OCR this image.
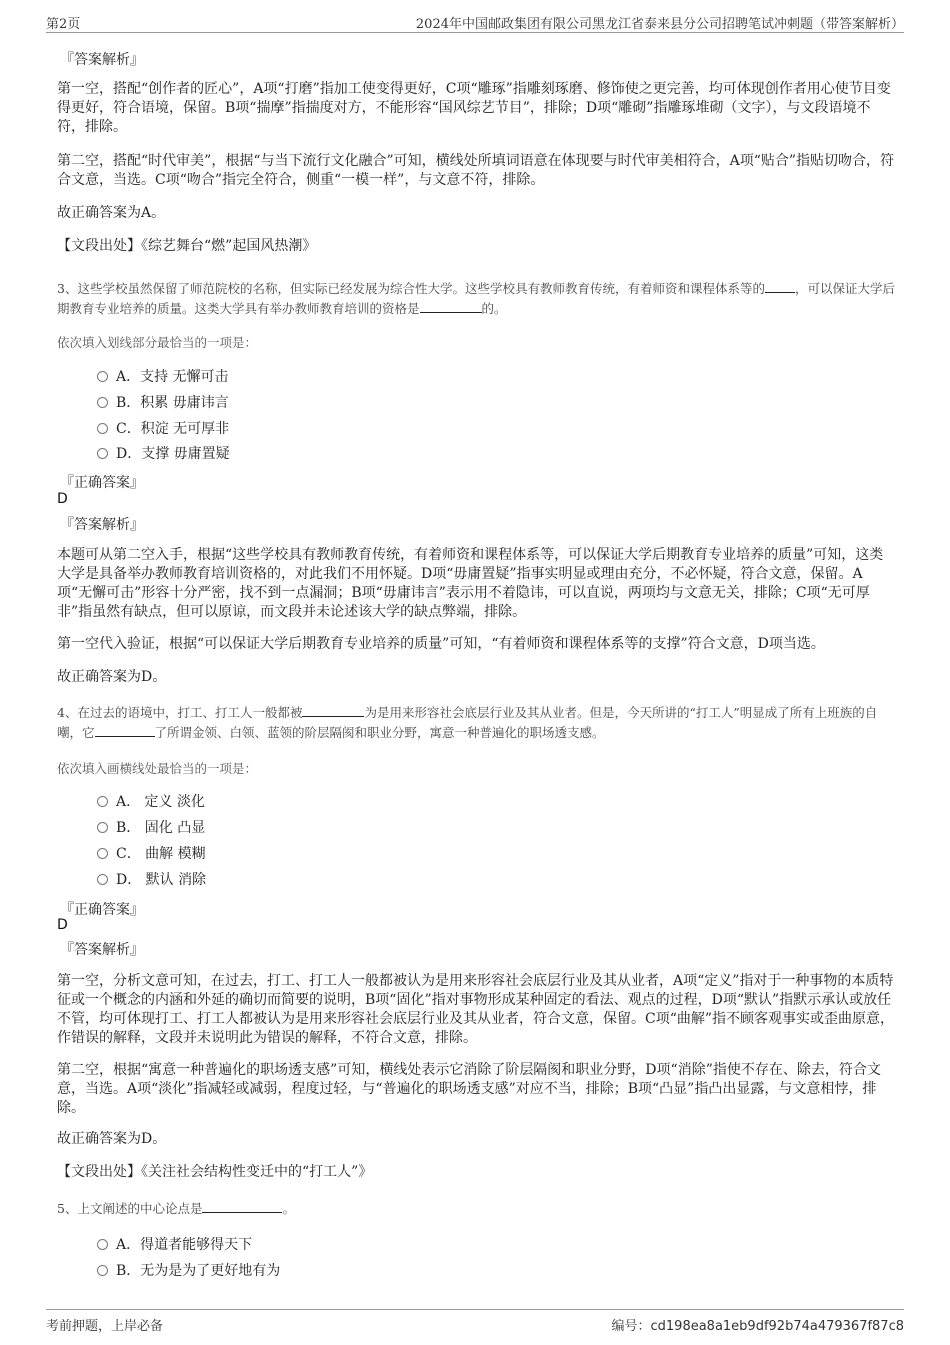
第2页	2024年中国邮政集团有限公司黑龙江省泰来县分公司招聘笔试冲刺题（带答案解析）
『答案解析』
第一空，搭配“创作者的匠心”，A项“打磨”指加工使变得更好，C项“雕琢”指雕刻琢磨、修饰使之更完善，均可体现创作者用心使节目变得更好，符合语境，保留。B项“揣摩”指揣度对方，不能形容“国风综艺节目”，排除；D项“雕砌”指雕琢堆砌（文字），与文段语境不符，排除。
第二空，搭配“时代审美”，根据“与当下流行文化融合”可知，横线处所填词语意在体现要与时代审美相符合，A项“贴合”指贴切吻合，符合文意，当选。C项“吻合”指完全符合，侧重“一模一样”，与文意不符，排除。
故正确答案为A。
【文段出处】《综艺舞台“燃”起国风热潮》
3、这些学校虽然保留了师范院校的名称，但实际已经发展为综合性大学。这些学校具有教师教育传统，有着师资和课程体系等的 ，可以保证大学后期教育专业培养的质量。这类大学具有举办教师教育培训的资格是	的。
依次填入划线部分最恰当的一项是：
A．支持 无懈可击
B．积累 毋庸讳言
C．积淀 无可厚非
D．支撑 毋庸置疑
『正确答案』
D
『答案解析』
本题可从第二空入手，根据“这些学校具有教师教育传统，有着师资和课程体系等，可以保证大学后期教育专业培养的质量”可知，这类大学是具备举办教师教育培训资格的，对此我们不用怀疑。D项“毋庸置疑”指事实明显或理由充分，不必怀疑，符合文意，保留。A项“无懈可击”形容十分严密，找不到一点漏洞；B项“毋庸讳言”表示用不着隐讳，可以直说，两项均与文意无关，排除；C项“无可厚非”指虽然有缺点，但可以原谅，而文段并未论述该大学的缺点弊端，排除。
第一空代入验证，根据“可以保证大学后期教育专业培养的质量”可知，“有着师资和课程体系等的支撑”符合文意，D项当选。
故正确答案为D。
4、在过去的语境中，打工、打工人一般都被	为是用来形容社会底层行业及其从业者。但是，今天所讲的“打工人”明显成了所有上班族的自嘲，它	了所谓金领、白领、蓝领的阶层隔阂和职业分野，寓意一种普遍化的职场透支感。
依次填入画横线处最恰当的一项是：
A． 定义 淡化
B． 固化 凸显
C． 曲解 模糊
D． 默认 消除
『正确答案』
D
『答案解析』
第一空，分析文意可知，在过去，打工、打工人一般都被认为是用来形容社会底层行业及其从业者，A项“定义”指对于一种事物的本质特征或一个概念的内涵和外延的确切而简要的说明，B项“固化”指对事物形成某种固定的看法、观点的过程，D项“默认”指默示承认或放任不管，均可体现打工、打工人都被认为是用来形容社会底层行业及其从业者，符合文意，保留。C项“曲解”指不顾客观事实或歪曲原意，作错误的解释，文段并未说明此为错误的解释，不符合文意，排除。
第二空，根据“寓意一种普遍化的职场透支感”可知，横线处表示它消除了阶层隔阂和职业分野，D项“消除”指使不存在、除去，符合文意，当选。A项“淡化”指减轻或减弱，程度过轻，与“普遍化的职场透支感”对应不当，排除；B项“凸显”指凸出显露，与文意相悖，排除。
故正确答案为D。
【文段出处】《关注社会结构性变迁中的“打工人”》
5、上文阐述的中心论点是	。
A．得道者能够得天下
B．无为是为了更好地有为
考前押题，上岸必备	编号：cd198ea8a1eb9df92b74a479367f87c8
